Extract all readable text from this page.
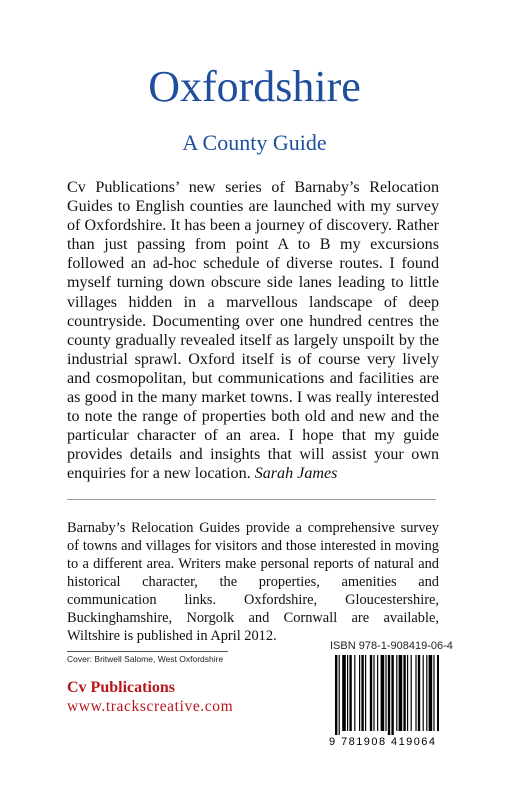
Oxfordshire
A County Guide
Cv Publications’ new series of Barnaby’s Relocation Guides to English counties are launched with my survey of Oxfordshire. It has been a journey of discovery. Rather than just passing from point A to B my excursions followed an ad-hoc schedule of diverse routes. I found myself turning down obscure side lanes leading to little villages hidden in a marvellous landscape of deep countryside. Documenting over one hundred centres the county gradually revealed itself as largely unspoilt by the industrial sprawl. Oxford itself is of course very lively and cosmopolitan, but communications and facilities are as good in the many market towns. I was really interested to note the range of properties both old and new and the particular character of an area. I hope that my guide provides details and insights that will assist your own enquiries for a new location. Sarah James
Barnaby’s Relocation Guides provide a comprehensive survey of towns and villages for visitors and those interested in moving to a different area. Writers make personal reports of natural and historical character, the properties, amenities and communication links. Oxfordshire, Gloucestershire, Buckinghamshire, Norgolk and Cornwall are available, Wiltshire is published in April 2012.
ISBN 978-1-908419-06-4
9 781908 419064
Cover: Britwell Salome, West Oxfordshire
Cv Publications
www.trackscreative.com
